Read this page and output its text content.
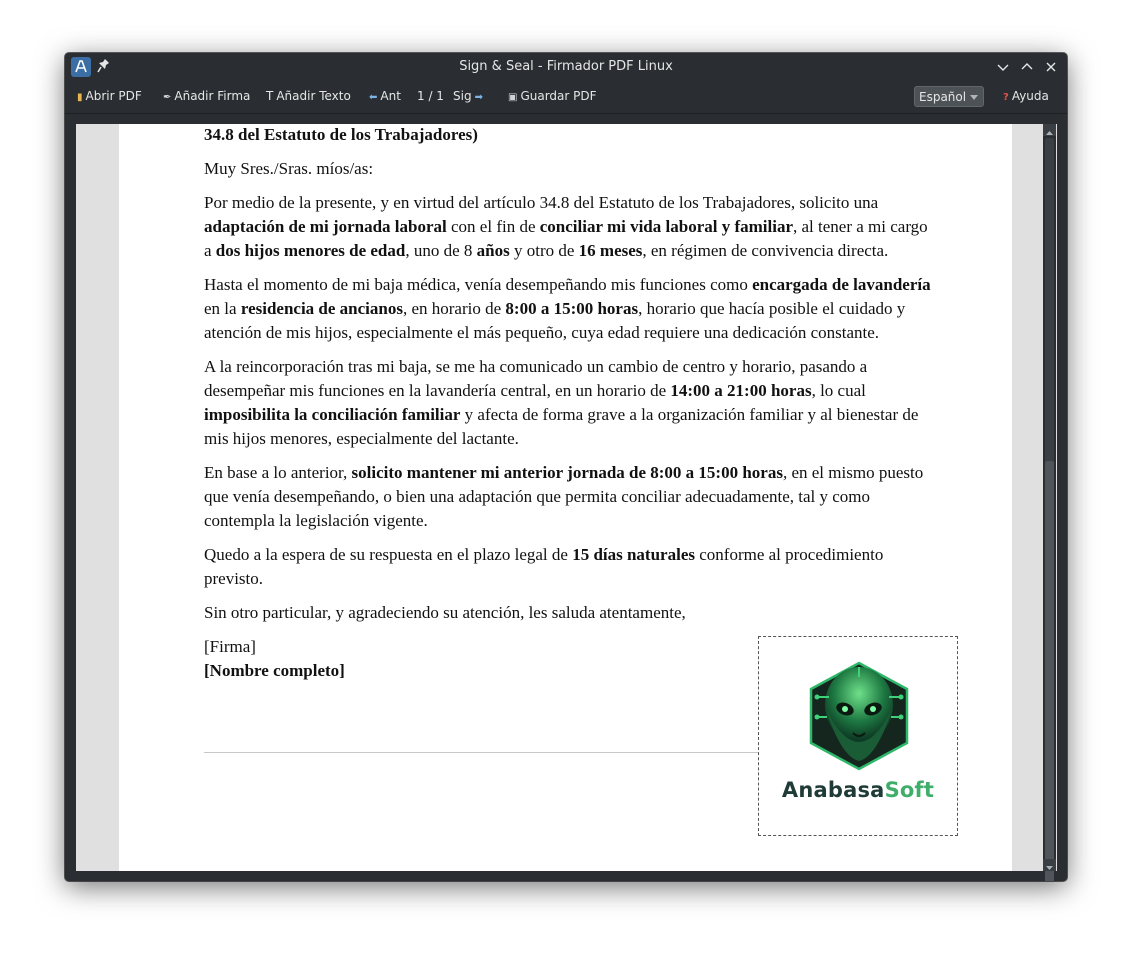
Sign & Seal - Firmador PDF Linux
▮ Abrir PDF ✒ Añadir Firma T Añadir Texto ⬅ Ant 1 / 1 Sig ➡	▣ Guardar PDF	? Ayuda
Español

34.8 del Estatuto de los Trabajadores)

Muy Sres./Sras. míos/as:

Por medio de la presente, y en virtud del artículo 34.8 del Estatuto de los Trabajadores, solicito una adaptación de mi jornada laboral con el fin de conciliar mi vida laboral y familiar, al tener a mi cargo a dos hijos menores de edad, uno de 8 años y otro de 16 meses, en régimen de convivencia directa.

Hasta el momento de mi baja médica, venía desempeñando mis funciones como encargada de lavandería en la residencia de ancianos, en horario de 8:00 a 15:00 horas, horario que hacía posible el cuidado y atención de mis hijos, especialmente el más pequeño, cuya edad requiere una dedicación constante.

A la reincorporación tras mi baja, se me ha comunicado un cambio de centro y horario, pasando a desempeñar mis funciones en la lavandería central, en un horario de 14:00 a 21:00 horas, lo cual imposibilita la conciliación familiar y afecta de forma grave a la organización familiar y al bienestar de mis hijos menores, especialmente del lactante.

En base a lo anterior, solicito mantener mi anterior jornada de 8:00 a 15:00 horas, en el mismo puesto que venía desempeñando, o bien una adaptación que permita conciliar adecuadamente, tal y como contempla la legislación vigente.

Quedo a la espera de su respuesta en el plazo legal de 15 días naturales conforme al procedimiento previsto.

Sin otro particular, y agradeciendo su atención, les saluda atentamente,

[Firma]
[Nombre completo]

AnabasaSoft
